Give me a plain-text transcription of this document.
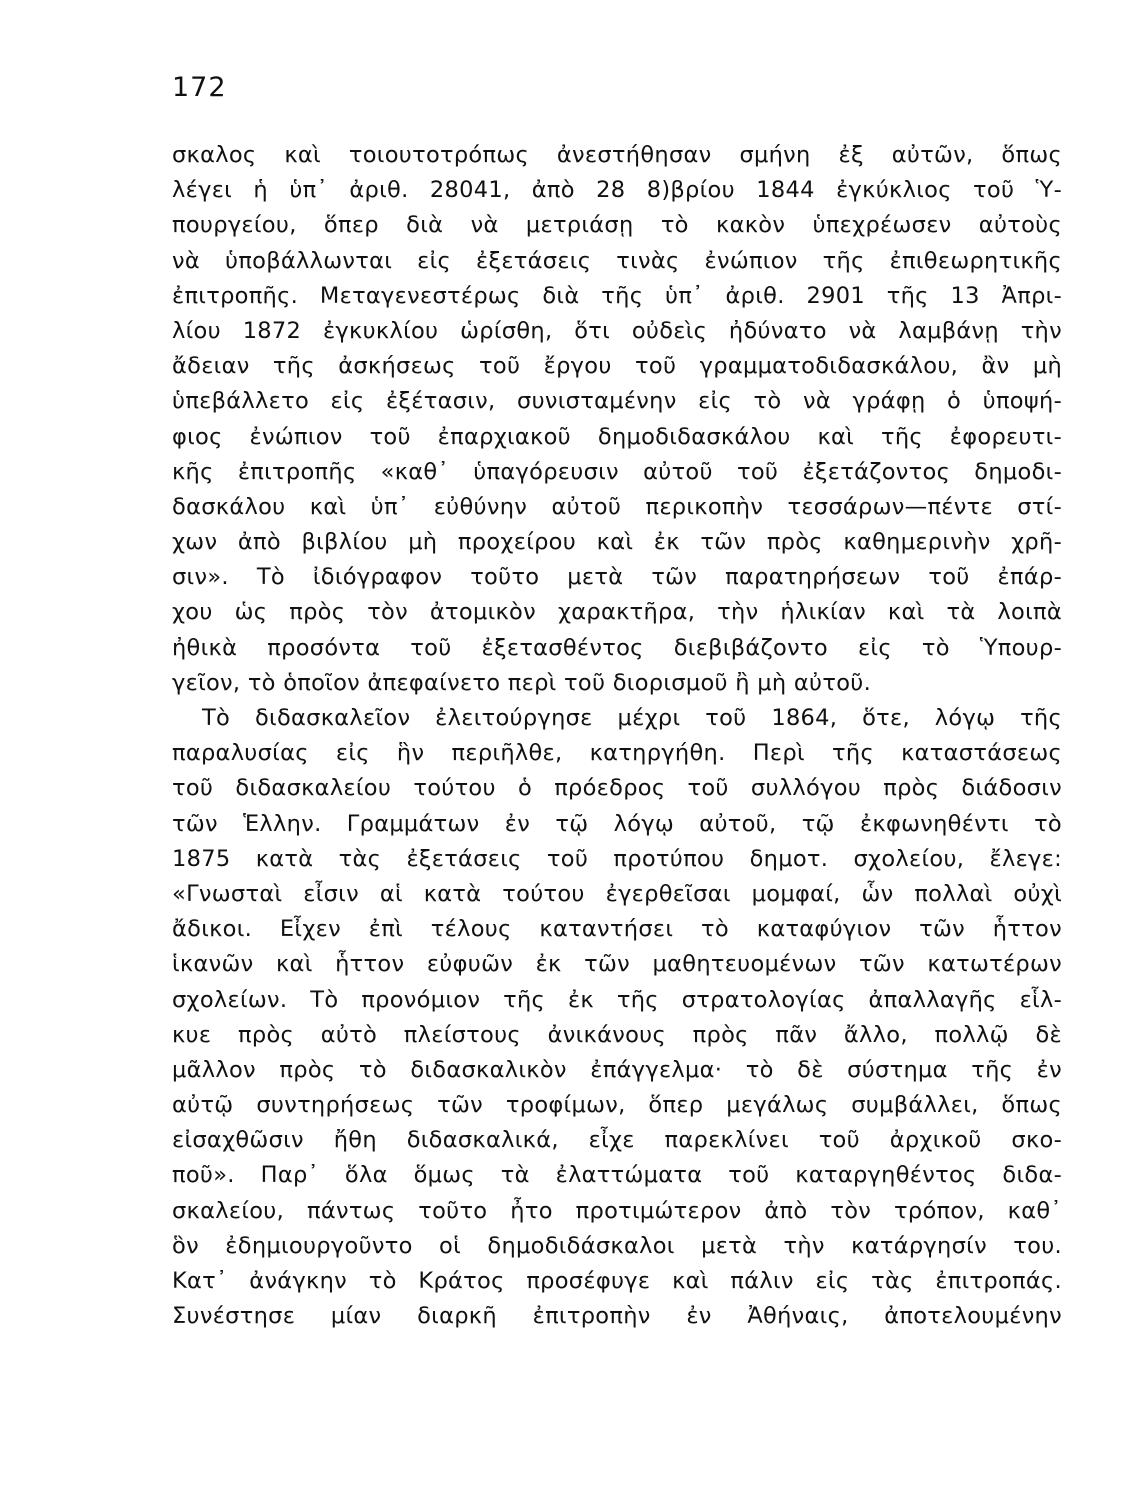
172
σκαλος καὶ τοιουτοτρόπως ἀνεστήθησαν σμήνη ἐξ αὐτῶν, ὅπως
λέγει ἡ ὑπ᾽ ἀριθ. 28041, ἀπὸ 28 8)βρίου 1844 ἐγκύκλιος τοῦ Ὑ-
πουργείου, ὅπερ διὰ νὰ μετριάσῃ τὸ κακὸν ὑπεχρέωσεν αὐτοὺς
νὰ ὑποβάλλωνται εἰς ἐξετάσεις τινὰς ἐνώπιον τῆς ἐπιθεωρητικῆς
ἐπιτροπῆς. Μεταγενεστέρως διὰ τῆς ὑπ᾽ ἀριθ. 2901 τῆς 13 Ἀπρι-
λίου 1872 ἐγκυκλίου ὡρίσθη, ὅτι οὐδεὶς ἠδύνατο νὰ λαμβάνῃ τὴν
ἄδειαν τῆς ἀσκήσεως τοῦ ἔργου τοῦ γραμματοδιδασκάλου, ἂν μὴ
ὑπεβάλλετο εἰς ἐξέτασιν, συνισταμένην εἰς τὸ νὰ γράφῃ ὁ ὑποψή-
φιος ἐνώπιον τοῦ ἐπαρχιακοῦ δημοδιδασκάλου καὶ τῆς ἐφορευτι-
κῆς ἐπιτροπῆς «καθ᾽ ὑπαγόρευσιν αὐτοῦ τοῦ ἐξετάζοντος δημοδι-
δασκάλου καὶ ὑπ᾽ εὐθύνην αὐτοῦ περικοπὴν τεσσάρων—πέντε στί-
χων ἀπὸ βιβλίου μὴ προχείρου καὶ ἐκ τῶν πρὸς καθημερινὴν χρῆ-
σιν». Τὸ ἰδιόγραφον τοῦτο μετὰ τῶν παρατηρήσεων τοῦ ἐπάρ-
χου ὡς πρὸς τὸν ἀτομικὸν χαρακτῆρα, τὴν ἡλικίαν καὶ τὰ λοιπὰ
ἠθικὰ προσόντα τοῦ ἐξετασθέντος διεβιβάζοντο εἰς τὸ Ὑπουρ-
γεῖον, τὸ ὁποῖον ἀπεφαίνετο περὶ τοῦ διορισμοῦ ἢ μὴ αὐτοῦ.
Τὸ διδασκαλεῖον ἐλειτούργησε μέχρι τοῦ 1864, ὅτε, λόγῳ τῆς
παραλυσίας εἰς ἣν περιῆλθε, κατηργήθη. Περὶ τῆς καταστάσεως
τοῦ διδασκαλείου τούτου ὁ πρόεδρος τοῦ συλλόγου πρὸς διάδοσιν
τῶν Ἑλλην. Γραμμάτων ἐν τῷ λόγῳ αὐτοῦ, τῷ ἐκφωνηθέντι τὸ
1875 κατὰ τὰς ἐξετάσεις τοῦ προτύπου δημοτ. σχολείου, ἔλεγε:
«Γνωσταὶ εἶσιν αἱ κατὰ τούτου ἐγερθεῖσαι μομφαί, ὧν πολλαὶ οὐχὶ
ἄδικοι. Εἶχεν ἐπὶ τέλους καταντήσει τὸ καταφύγιον τῶν ἧττον
ἱκανῶν καὶ ἧττον εὐφυῶν ἐκ τῶν μαθητευομένων τῶν κατωτέρων
σχολείων. Τὸ προνόμιον τῆς ἐκ τῆς στρατολογίας ἀπαλλαγῆς εἷλ-
κυε πρὸς αὐτὸ πλείστους ἀνικάνους πρὸς πᾶν ἄλλο, πολλῷ δὲ
μᾶλλον πρὸς τὸ διδασκαλικὸν ἐπάγγελμα· τὸ δὲ σύστημα τῆς ἐν
αὐτῷ συντηρήσεως τῶν τροφίμων, ὅπερ μεγάλως συμβάλλει, ὅπως
εἰσαχθῶσιν ἤθη διδασκαλικά, εἶχε παρεκλίνει τοῦ ἀρχικοῦ σκο-
ποῦ». Παρ᾽ ὅλα ὅμως τὰ ἐλαττώματα τοῦ καταργηθέντος διδα-
σκαλείου, πάντως τοῦτο ἦτο προτιμώτερον ἀπὸ τὸν τρόπον, καθ᾽
ὃν ἐδημιουργοῦντο οἱ δημοδιδάσκαλοι μετὰ τὴν κατάργησίν του.
Κατ᾽ ἀνάγκην τὸ Κράτος προσέφυγε καὶ πάλιν εἰς τὰς ἐπιτροπάς.
Συνέστησε μίαν διαρκῆ ἐπιτροπὴν ἐν Ἀθήναις, ἀποτελουμένην
